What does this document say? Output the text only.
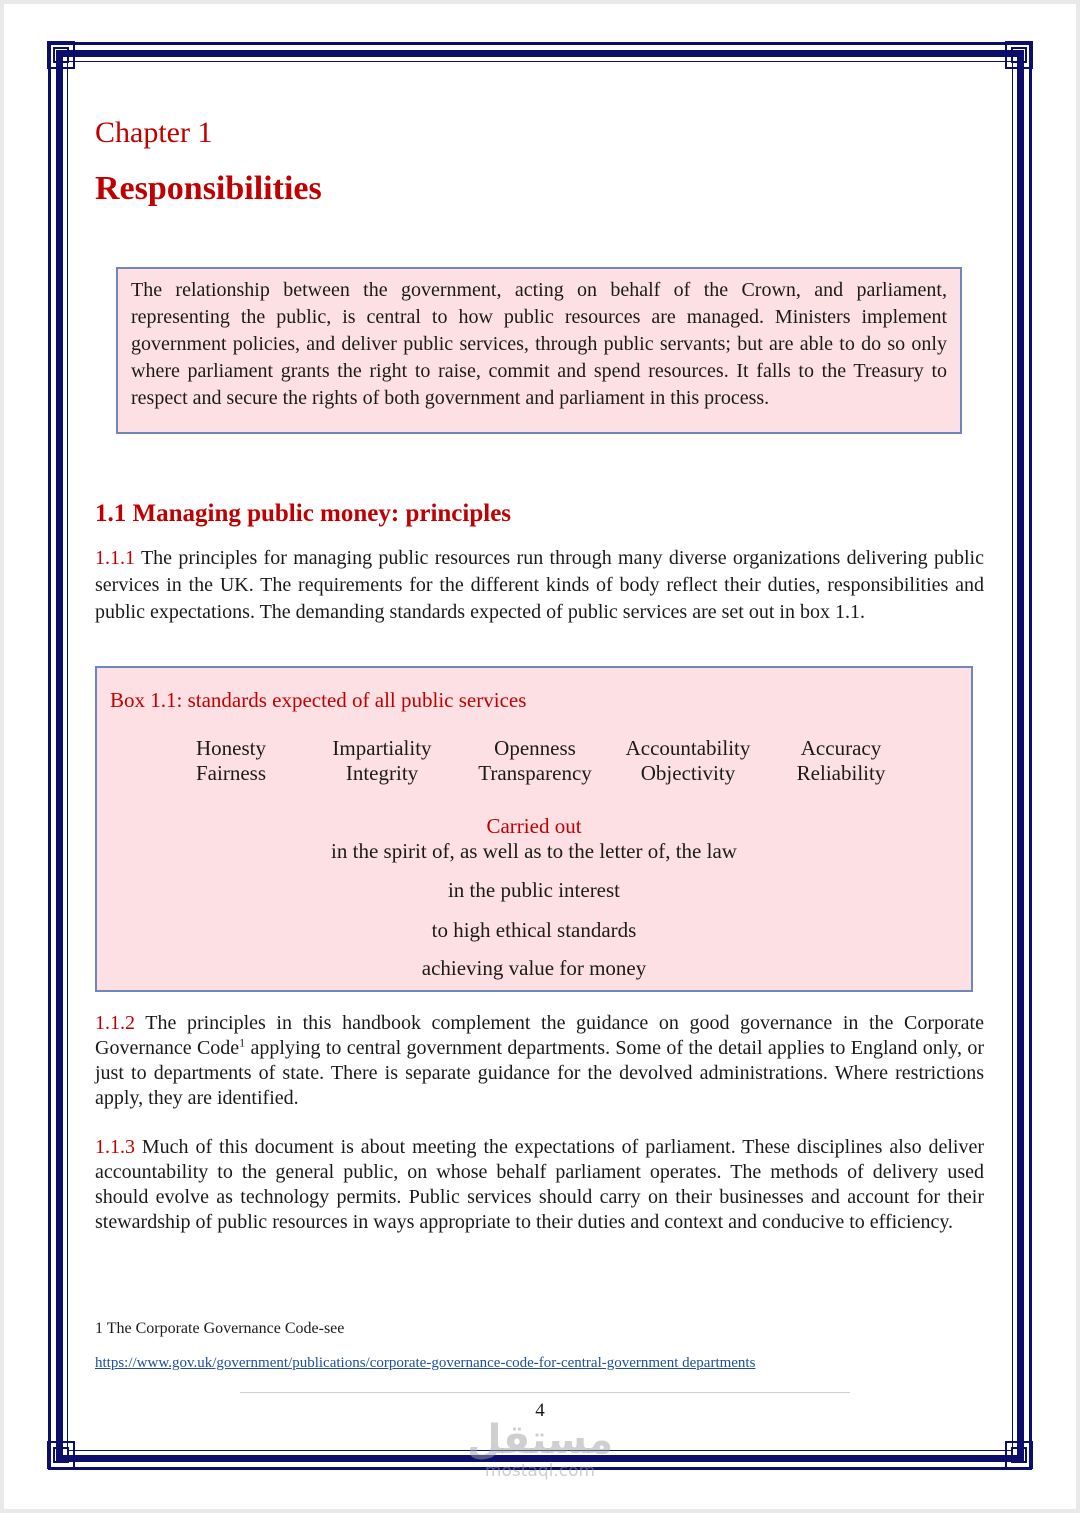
Chapter 1
Responsibilities
The relationship between the government, acting on behalf of the Crown, and parliament, representing the public, is central to how public resources are managed. Ministers implement government policies, and deliver public services, through public servants; but are able to do so only where parliament grants the right to raise, commit and spend resources. It falls to the Treasury to respect and secure the rights of both government and parliament in this process.
1.1 Managing public money: principles
1.1.1 The principles for managing public resources run through many diverse organizations delivering public services in the UK. The requirements for the different kinds of body reflect their duties, responsibilities and public expectations. The demanding standards expected of public services are set out in box 1.1.
Box 1.1: standards expected of all public services
Honesty
Fairness
Impartiality
Integrity
Openness
Transparency
Accountability
Objectivity
Accuracy
Reliability
Carried out
in the spirit of, as well as to the letter of, the law
in the public interest
to high ethical standards
achieving value for money
1.1.2 The principles in this handbook complement the guidance on good governance in the Corporate Governance Code$^1$ applying to central government departments. Some of the detail applies to England only, or just to departments of state. There is separate guidance for the devolved administrations. Where restrictions apply, they are identified.
1.1.3 Much of this document is about meeting the expectations of parliament. These disciplines also deliver accountability to the general public, on whose behalf parliament operates. The methods of delivery used should evolve as technology permits. Public services should carry on their businesses and account for their stewardship of public resources in ways appropriate to their duties and context and conducive to efficiency.
1 The Corporate Governance Code-see
https://www.gov.uk/government/publications/corporate-governance-code-for-central-government departments
4
مستقل
mostaql.com
